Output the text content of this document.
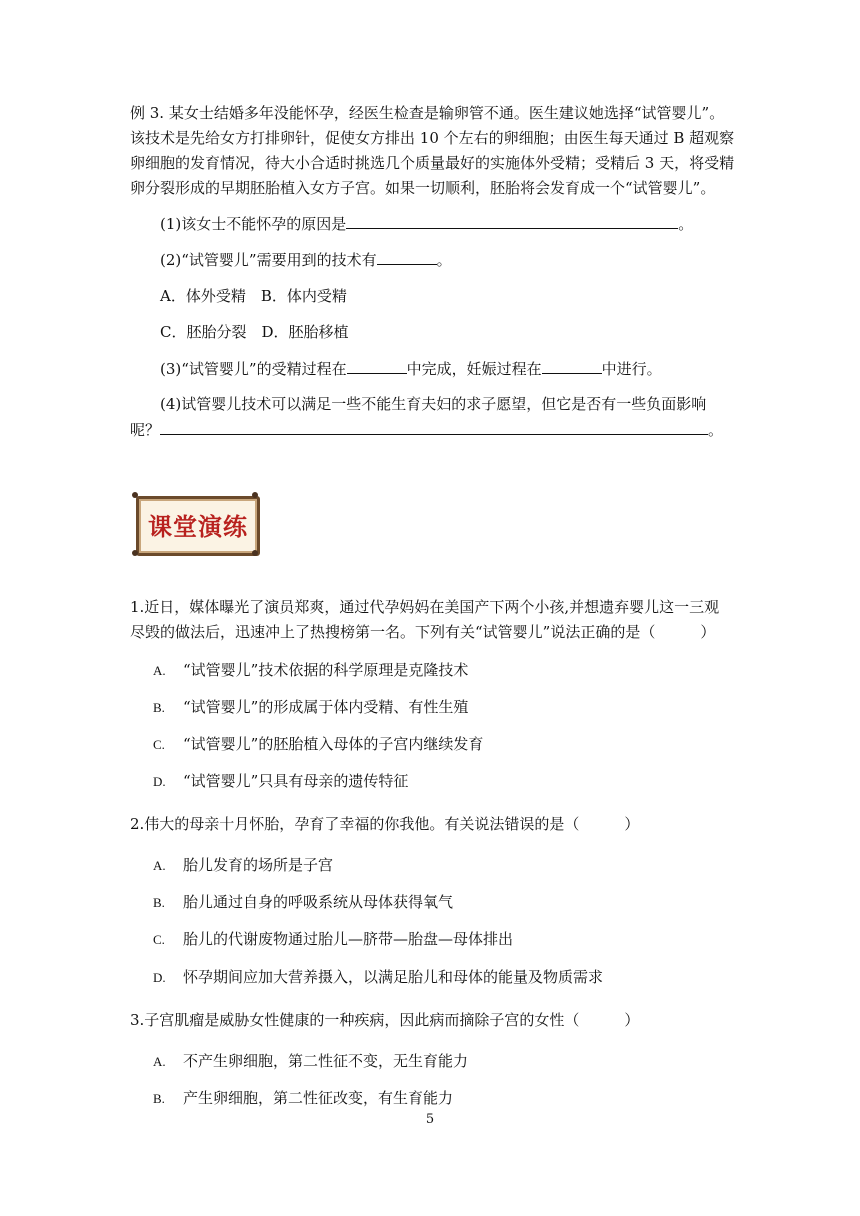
例 3. 某女士结婚多年没能怀孕，经医生检查是输卵管不通。医生建议她选择“试管婴儿”。
该技术是先给女方打排卵针，促使女方排出 10 个左右的卵细胞；由医生每天通过 B 超观察
卵细胞的发育情况，待大小合适时挑选几个质量最好的实施体外受精；受精后 3 天，将受精
卵分裂形成的早期胚胎植入女方子宫。如果一切顺利，胚胎将会发育成一个“试管婴儿”。
(1)该女士不能怀孕的原因是	。
(2)“试管婴儿”需要用到的技术有	。
A．体外受精　B．体内受精
C．胚胎分裂　D．胚胎移植
(3)“试管婴儿”的受精过程在	中完成，妊娠过程在	中进行。
(4)试管婴儿技术可以满足一些不能生育夫妇的求子愿望，但它是否有一些负面影响
呢？	。
课堂演练
1.近日，媒体曝光了演员郑爽，通过代孕妈妈在美国产下两个小孩,并想遗弃婴儿这一三观
尽毁的做法后，迅速冲上了热搜榜第一名。下列有关“试管婴儿”说法正确的是（　　　）
A. “试管婴儿”技术依据的科学原理是克隆技术
B. “试管婴儿”的形成属于体内受精、有性生殖
C. “试管婴儿”的胚胎植入母体的子宫内继续发育
D. “试管婴儿”只具有母亲的遗传特征
2.伟大的母亲十月怀胎，孕育了幸福的你我他。有关说法错误的是（　　　）
A. 胎儿发育的场所是子宫
B. 胎儿通过自身的呼吸系统从母体获得氧气
C. 胎儿的代谢废物通过胎儿—脐带—胎盘—母体排出
D. 怀孕期间应加大营养摄入，以满足胎儿和母体的能量及物质需求
3.子宫肌瘤是威胁女性健康的一种疾病，因此病而摘除子宫的女性（　　　）
A. 不产生卵细胞，第二性征不变，无生育能力
B. 产生卵细胞，第二性征改变，有生育能力
5
